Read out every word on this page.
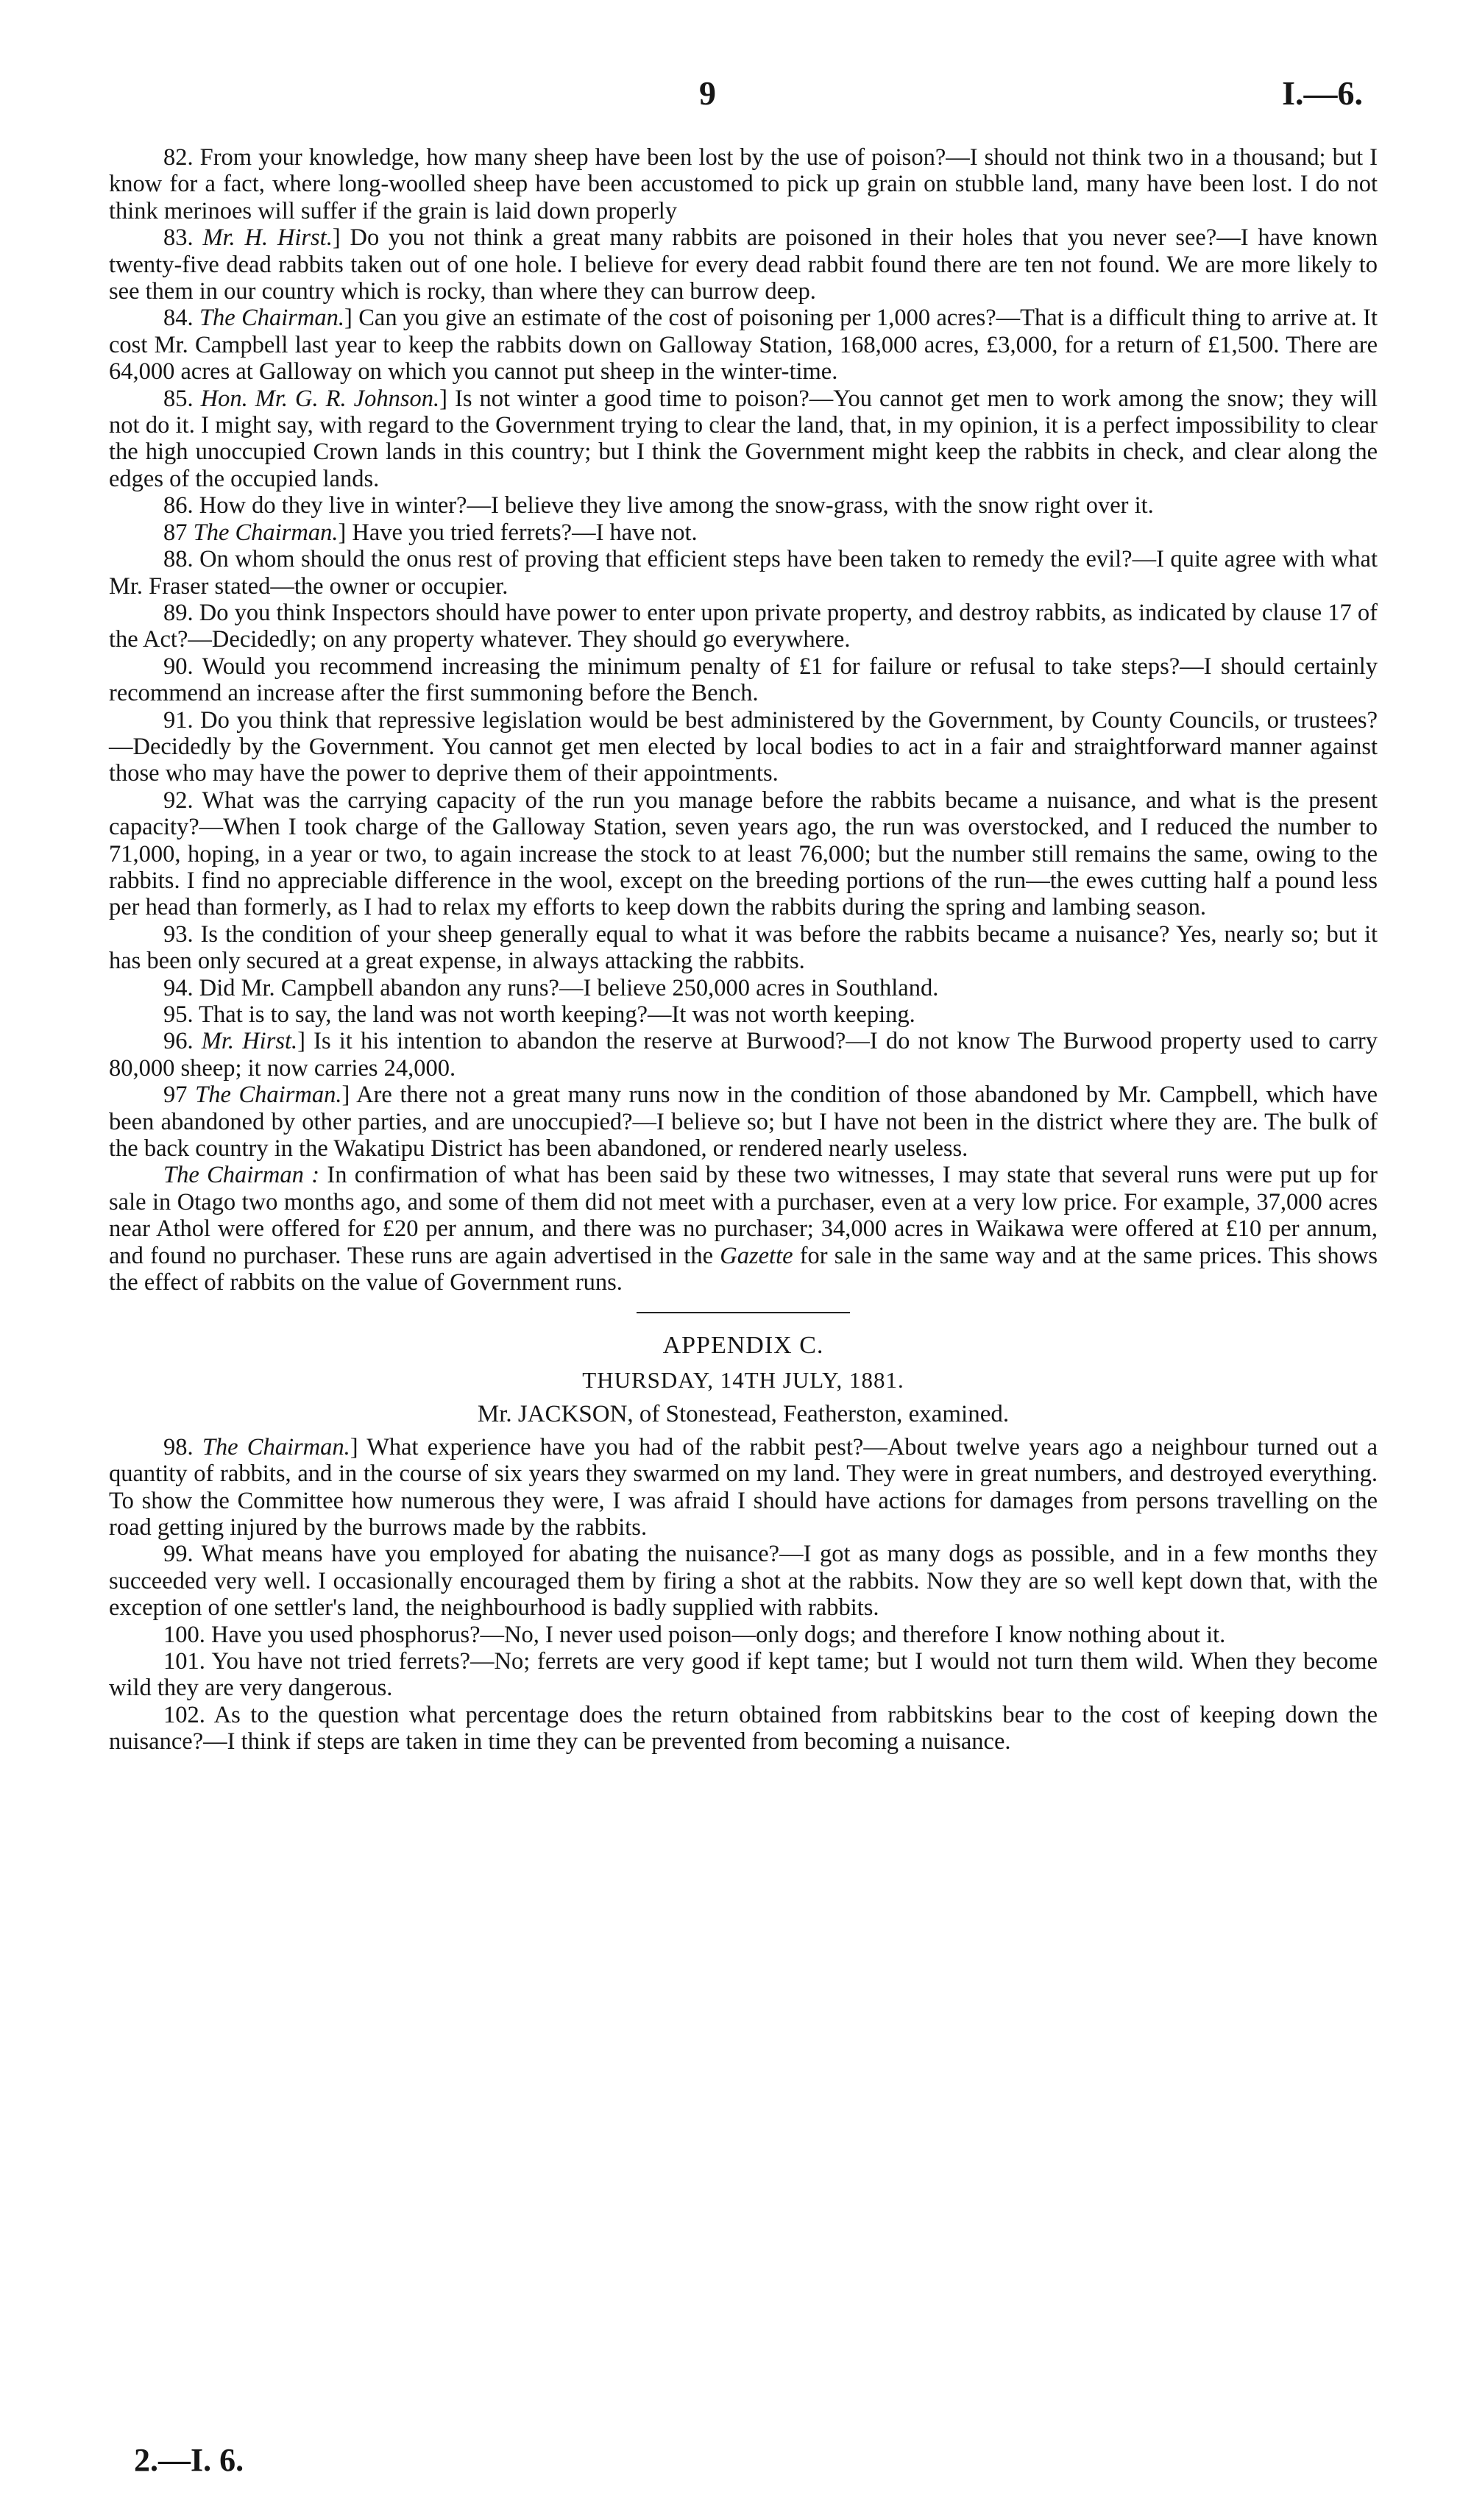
9	I.—6.

82. From your knowledge, how many sheep have been lost by the use of poison?—I should not think two in a thousand; but I know for a fact, where long-woolled sheep have been accustomed to pick up grain on stubble land, many have been lost. I do not think merinoes will suffer if the grain is laid down properly

83. Mr. H. Hirst.] Do you not think a great many rabbits are poisoned in their holes that you never see?—I have known twenty-five dead rabbits taken out of one hole. I believe for every dead rabbit found there are ten not found. We are more likely to see them in our country which is rocky, than where they can burrow deep.

84. The Chairman.] Can you give an estimate of the cost of poisoning per 1,000 acres?—That is a difficult thing to arrive at. It cost Mr. Campbell last year to keep the rabbits down on Galloway Station, 168,000 acres, £3,000, for a return of £1,500. There are 64,000 acres at Galloway on which you cannot put sheep in the winter-time.

85. Hon. Mr. G. R. Johnson.] Is not winter a good time to poison?—You cannot get men to work among the snow; they will not do it. I might say, with regard to the Government trying to clear the land, that, in my opinion, it is a perfect impossibility to clear the high unoccupied Crown lands in this country; but I think the Government might keep the rabbits in check, and clear along the edges of the occupied lands.

86. How do they live in winter?—I believe they live among the snow-grass, with the snow right over it.

87 The Chairman.] Have you tried ferrets?—I have not.

88. On whom should the onus rest of proving that efficient steps have been taken to remedy the evil?—I quite agree with what Mr. Fraser stated—the owner or occupier.

89. Do you think Inspectors should have power to enter upon private property, and destroy rabbits, as indicated by clause 17 of the Act?—Decidedly; on any property whatever. They should go everywhere.

90. Would you recommend increasing the minimum penalty of £1 for failure or refusal to take steps?—I should certainly recommend an increase after the first summoning before the Bench.

91. Do you think that repressive legislation would be best administered by the Government, by County Councils, or trustees?—Decidedly by the Government. You cannot get men elected by local bodies to act in a fair and straightforward manner against those who may have the power to deprive them of their appointments.

92. What was the carrying capacity of the run you manage before the rabbits became a nuisance, and what is the present capacity?—When I took charge of the Galloway Station, seven years ago, the run was overstocked, and I reduced the number to 71,000, hoping, in a year or two, to again increase the stock to at least 76,000; but the number still remains the same, owing to the rabbits. I find no appreciable difference in the wool, except on the breeding portions of the run—the ewes cutting half a pound less per head than formerly, as I had to relax my efforts to keep down the rabbits during the spring and lambing season.

93. Is the condition of your sheep generally equal to what it was before the rabbits became a nuisance? Yes, nearly so; but it has been only secured at a great expense, in always attacking the rabbits.

94. Did Mr. Campbell abandon any runs?—I believe 250,000 acres in Southland.

95. That is to say, the land was not worth keeping?—It was not worth keeping.

96. Mr. Hirst.] Is it his intention to abandon the reserve at Burwood?—I do not know The Burwood property used to carry 80,000 sheep; it now carries 24,000.

97 The Chairman.] Are there not a great many runs now in the condition of those abandoned by Mr. Campbell, which have been abandoned by other parties, and are unoccupied?—I believe so; but I have not been in the district where they are. The bulk of the back country in the Wakatipu District has been abandoned, or rendered nearly useless.

The Chairman : In confirmation of what has been said by these two witnesses, I may state that several runs were put up for sale in Otago two months ago, and some of them did not meet with a purchaser, even at a very low price. For example, 37,000 acres near Athol were offered for £20 per annum, and there was no purchaser; 34,000 acres in Waikawa were offered at £10 per annum, and found no purchaser. These runs are again advertised in the Gazette for sale in the same way and at the same prices. This shows the effect of rabbits on the value of Government runs.

APPENDIX C.

THURSDAY, 14TH JULY, 1881.

Mr. JACKSON, of Stonestead, Featherston, examined.

98. The Chairman.] What experience have you had of the rabbit pest?—About twelve years ago a neighbour turned out a quantity of rabbits, and in the course of six years they swarmed on my land. They were in great numbers, and destroyed everything. To show the Committee how numerous they were, I was afraid I should have actions for damages from persons travelling on the road getting injured by the burrows made by the rabbits.

99. What means have you employed for abating the nuisance?—I got as many dogs as possible, and in a few months they succeeded very well. I occasionally encouraged them by firing a shot at the rabbits. Now they are so well kept down that, with the exception of one settler's land, the neighbourhood is badly supplied with rabbits.

100. Have you used phosphorus?—No, I never used poison—only dogs; and therefore I know nothing about it.

101. You have not tried ferrets?—No; ferrets are very good if kept tame; but I would not turn them wild. When they become wild they are very dangerous.

102. As to the question what percentage does the return obtained from rabbitskins bear to the cost of keeping down the nuisance?—I think if steps are taken in time they can be prevented from becoming a nuisance.

2.—I. 6.
